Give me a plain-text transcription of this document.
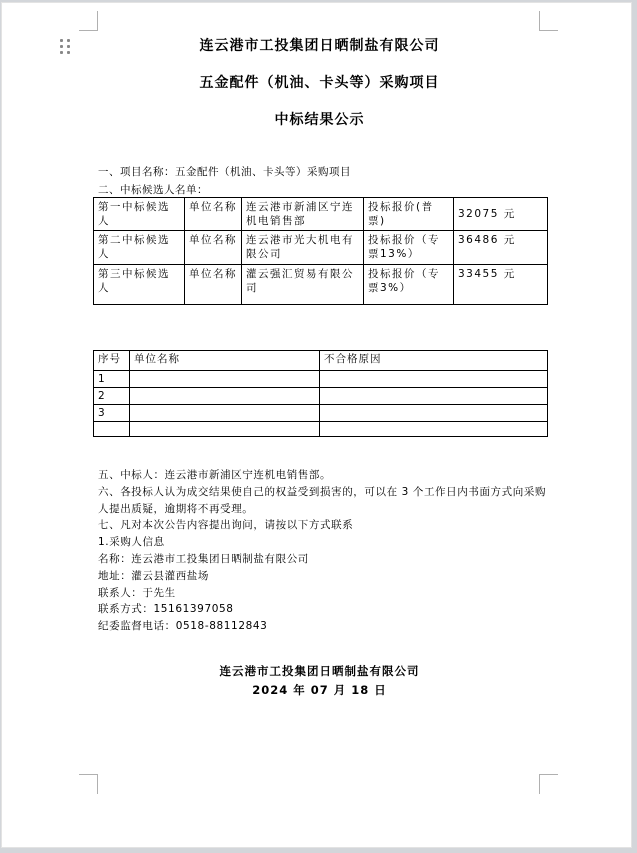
连云港市工投集团日晒制盐有限公司
五金配件（机油、卡头等）采购项目
中标结果公示
一、项目名称：五金配件（机油、卡头等）采购项目
二、中标候选人名单：
第一中标候选人	单位名称	连云港市新浦区宁连机电销售部	投标报价(普票)	32075 元
第二中标候选人	单位名称	连云港市光大机电有限公司	投标报价（专票13%）	36486 元
第三中标候选人	单位名称	灌云强汇贸易有限公司	投标报价（专票3%）	33455 元
序号	单位名称	不合格原因
1		
2		
3		

五、中标人：连云港市新浦区宁连机电销售部。
六、各投标人认为成交结果使自己的权益受到损害的，可以在 3 个工作日内书面方式向采购
人提出质疑，逾期将不再受理。
七、凡对本次公告内容提出询问，请按以下方式联系
1.采购人信息
名称：连云港市工投集团日晒制盐有限公司
地址：灌云县灌西盐场
联系人：于先生
联系方式：15161397058
纪委监督电话：0518-88112843
连云港市工投集团日晒制盐有限公司
2024 年 07 月 18 日
